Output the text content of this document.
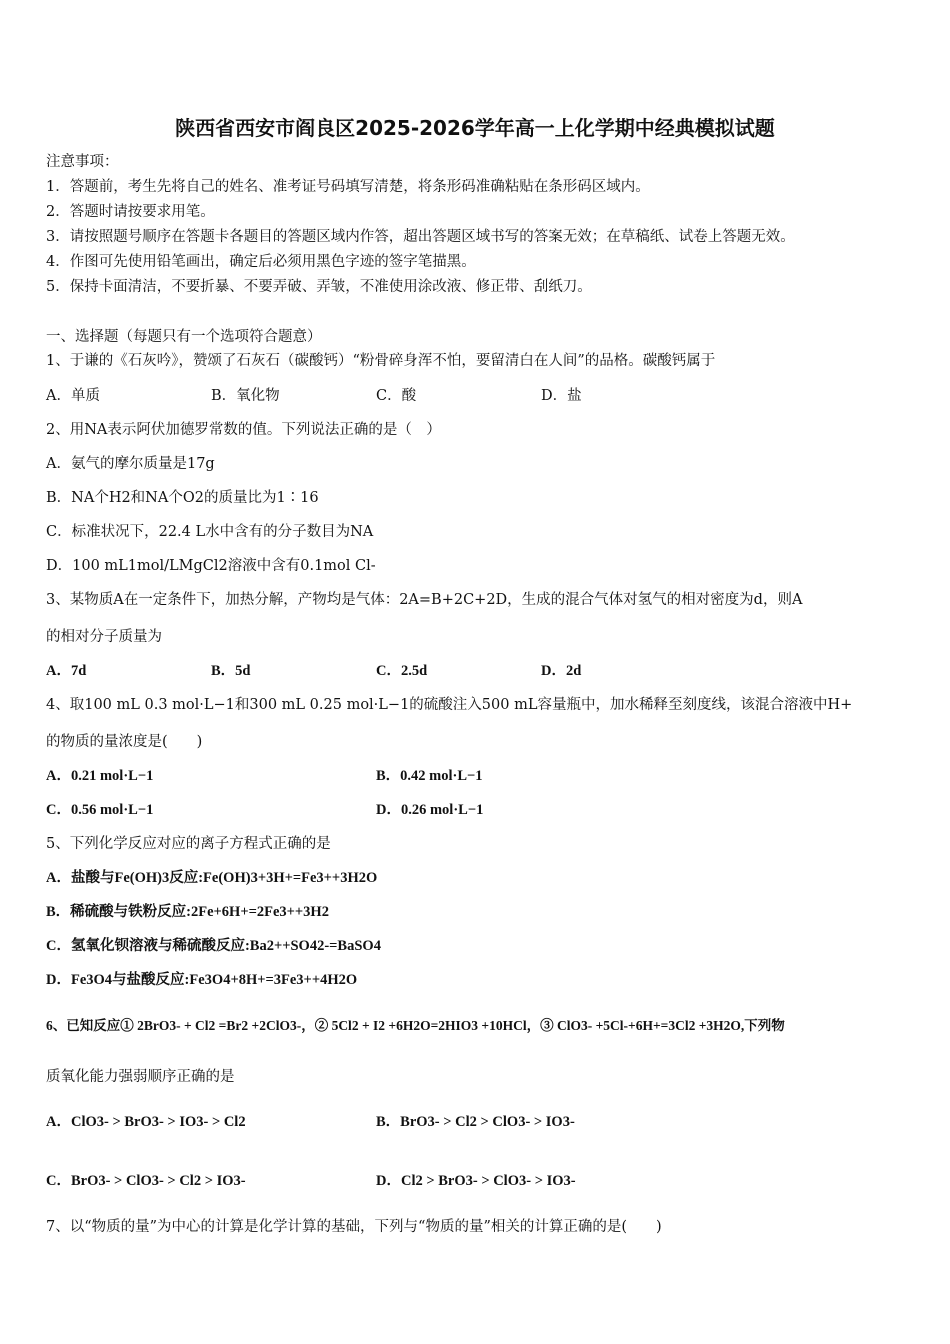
陕西省西安市阎良区2025-2026学年高一上化学期中经典模拟试题
注意事项：
1．答题前，考生先将自己的姓名、准考证号码填写清楚，将条形码准确粘贴在条形码区域内。
2．答题时请按要求用笔。
3．请按照题号顺序在答题卡各题目的答题区域内作答，超出答题区域书写的答案无效；在草稿纸、试卷上答题无效。
4．作图可先使用铅笔画出，确定后必须用黑色字迹的签字笔描黑。
5．保持卡面清洁，不要折暴、不要弄破、弄皱，不准使用涂改液、修正带、刮纸刀。
一、选择题（每题只有一个选项符合题意）
1、于谦的《石灰吟》，赞颂了石灰石（碳酸钙）“粉骨碎身浑不怕，要留清白在人间”的品格。碳酸钙属于
A．单质	B．氧化物	C．酸	D．盐
2、用NA表示阿伏加德罗常数的值。下列说法正确的是（　）
A．氨气的摩尔质量是17g
B．NA个H2和NA个O2的质量比为1∶16
C．标准状况下，22.4 L水中含有的分子数目为NA
D．100 mL1mol/LMgCl2溶液中含有0.1mol Cl-
3、某物质A在一定条件下，加热分解，产物均是气体：2A=B+2C+2D，生成的混合气体对氢气的相对密度为d，则A
的相对分子质量为
A．7d	B．5d	C．2.5d	D．2d
4、取100 mL 0.3 mol·L−1和300 mL 0.25 mol·L−1的硫酸注入500 mL容量瓶中，加水稀释至刻度线，该混合溶液中H+
的物质的量浓度是(　　)
A．0.21 mol·L−1	B．0.42 mol·L−1
C．0.56 mol·L−1	D．0.26 mol·L−1
5、下列化学反应对应的离子方程式正确的是
A．盐酸与Fe(OH)3反应:Fe(OH)3+3H+=Fe3++3H2O
B．稀硫酸与铁粉反应:2Fe+6H+=2Fe3++3H2
C．氢氧化钡溶液与稀硫酸反应:Ba2++SO42-=BaSO4
D．Fe3O4与盐酸反应:Fe3O4+8H+=3Fe3++4H2O
6、已知反应① 2BrO3- + Cl2 =Br2 +2ClO3-，② 5Cl2 + I2 +6H2O=2HIO3 +10HCl，③ ClO3- +5Cl-+6H+=3Cl2 +3H2O,下列物
质氧化能力强弱顺序正确的是
A．ClO3- > BrO3- > IO3- > Cl2	B．BrO3- > Cl2 > ClO3- > IO3-
C．BrO3- > ClO3- > Cl2 > IO3-	D．Cl2 > BrO3- > ClO3- > IO3-
7、以“物质的量”为中心的计算是化学计算的基础，下列与“物质的量”相关的计算正确的是(　　)
